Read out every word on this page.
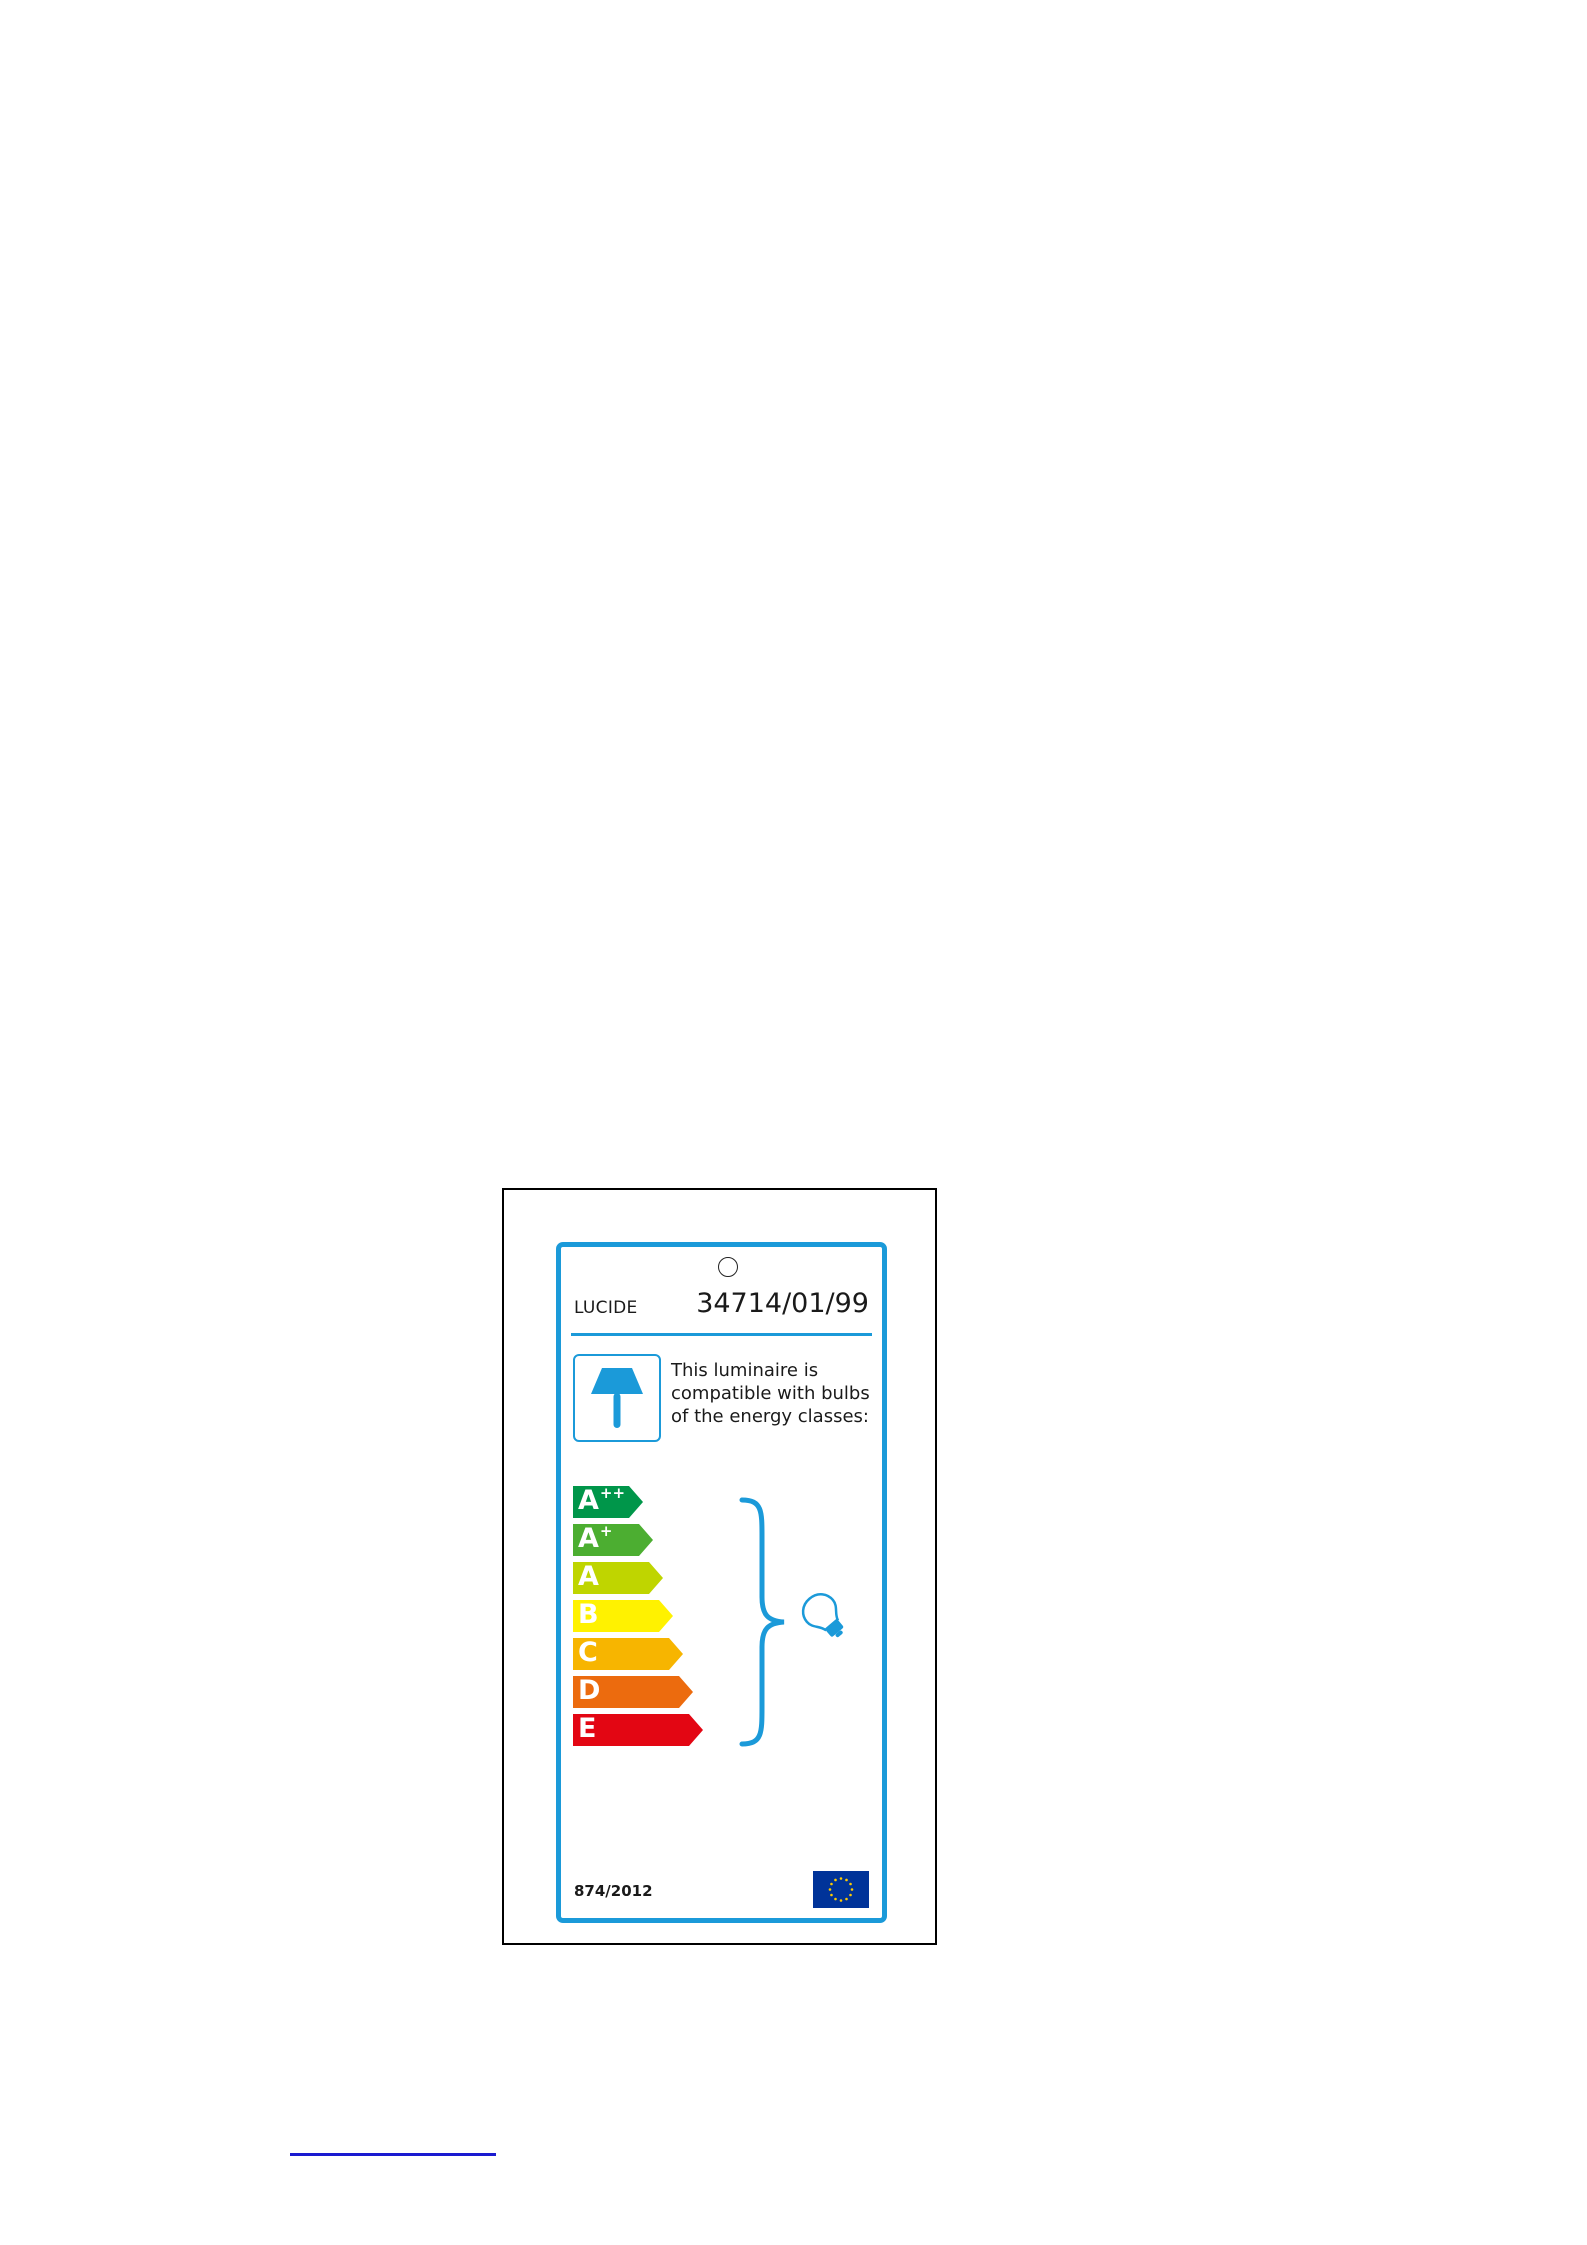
LUCIDE 34714/01/99
This luminaire is
compatible with bulbs
of the energy classes:
A++
A+
A
B
C
D
E
874/2012
